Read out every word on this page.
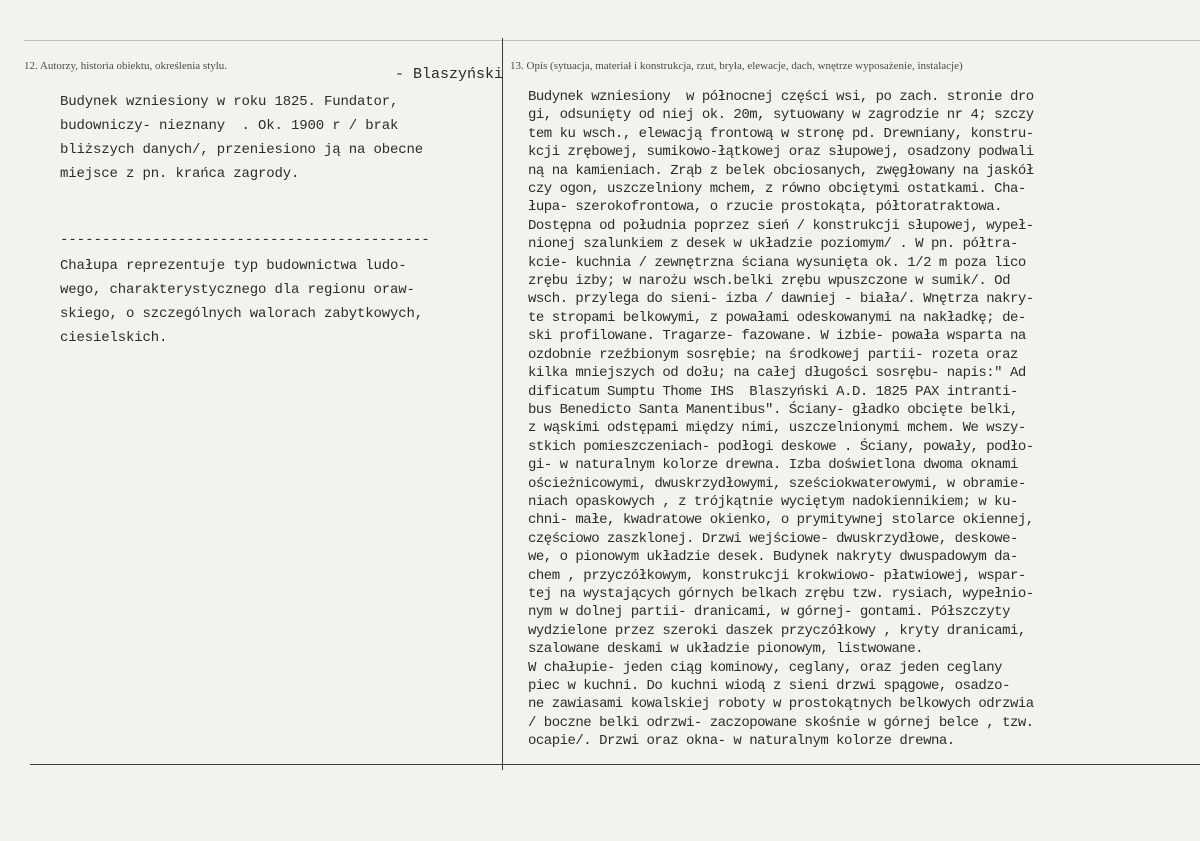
12. Autorzy, historia obiektu, określenia stylu.	13. Opis (sytuacja, materiał i konstrukcja, rzut, bryła, elewacje, dach, wnętrze wyposażenie, instalacje)
- Blaszyński
Budynek wzniesiony w roku 1825. Fundator,
budowniczy- nieznany  . Ok. 1900 r / brak
bliższych danych/, przeniesiono ją na obecne
miejsce z pn. krańca zagrody.
--------------------------------------------
Chałupa reprezentuje typ budownictwa ludo-
wego, charakterystycznego dla regionu oraw-
skiego, o szczególnych walorach zabytkowych,
ciesielskich.
Budynek wzniesiony  w północnej części wsi, po zach. stronie dro
gi, odsunięty od niej ok. 20m, sytuowany w zagrodzie nr 4; szczy
tem ku wsch., elewacją frontową w stronę pd. Drewniany, konstru-
kcji zrębowej, sumikowo-łątkowej oraz słupowej, osadzony podwali
ną na kamieniach. Zrąb z belek obciosanych, zwęgłowany na jaskół
czy ogon, uszczelniony mchem, z równo obciętymi ostatkami. Cha-
łupa- szerokofrontowa, o rzucie prostokąta, półtoratraktowa.
Dostępna od południa poprzez sień / konstrukcji słupowej, wypeł-
nionej szalunkiem z desek w układzie poziomym/ . W pn. półtra-
kcie- kuchnia / zewnętrzna ściana wysunięta ok. 1/2 m poza lico
zrębu izby; w narożu wsch.belki zrębu wpuszczone w sumik/. Od
wsch. przylega do sieni- izba / dawniej - biała/. Wnętrza nakry-
te stropami belkowymi, z powałami odeskowanymi na nakładkę; de-
ski profilowane. Tragarze- fazowane. W izbie- powała wsparta na
ozdobnie rzeźbionym sosrębie; na środkowej partii- rozeta oraz
kilka mniejszych od dołu; na całej długości sosrębu- napis:" Ad
dificatum Sumptu Thome IHS  Blaszyński A.D. 1825 PAX intranti-
bus Benedicto Santa Manentibus". Ściany- gładko obcięte belki,
z wąskimi odstępami między nimi, uszczelnionymi mchem. We wszy-
stkich pomieszczeniach- podłogi deskowe . Ściany, powały, podło-
gi- w naturalnym kolorze drewna. Izba doświetlona dwoma oknami
ościeżnicowymi, dwuskrzydłowymi, sześciokwaterowymi, w obramie-
niach opaskowych , z trójkątnie wyciętym nadokiennikiem; w ku-
chni- małe, kwadratowe okienko, o prymitywnej stolarce okiennej,
częściowo zaszklonej. Drzwi wejściowe- dwuskrzydłowe, deskowe-
we, o pionowym układzie desek. Budynek nakryty dwuspadowym da-
chem , przyczółkowym, konstrukcji krokwiowo- płatwiowej, wspar-
tej na wystających górnych belkach zrębu tzw. rysiach, wypełnio-
nym w dolnej partii- dranicami, w górnej- gontami. Półszczyty
wydzielone przez szeroki daszek przyczółkowy , kryty dranicami,
szalowane deskami w układzie pionowym, listwowane.
W chałupie- jeden ciąg kominowy, ceglany, oraz jeden ceglany
piec w kuchni. Do kuchni wiodą z sieni drzwi spągowe, osadzo-
ne zawiasami kowalskiej roboty w prostokątnych belkowych odrzwia
/ boczne belki odrzwi- zaczopowane skośnie w górnej belce , tzw.
ocapie/. Drzwi oraz okna- w naturalnym kolorze drewna.
